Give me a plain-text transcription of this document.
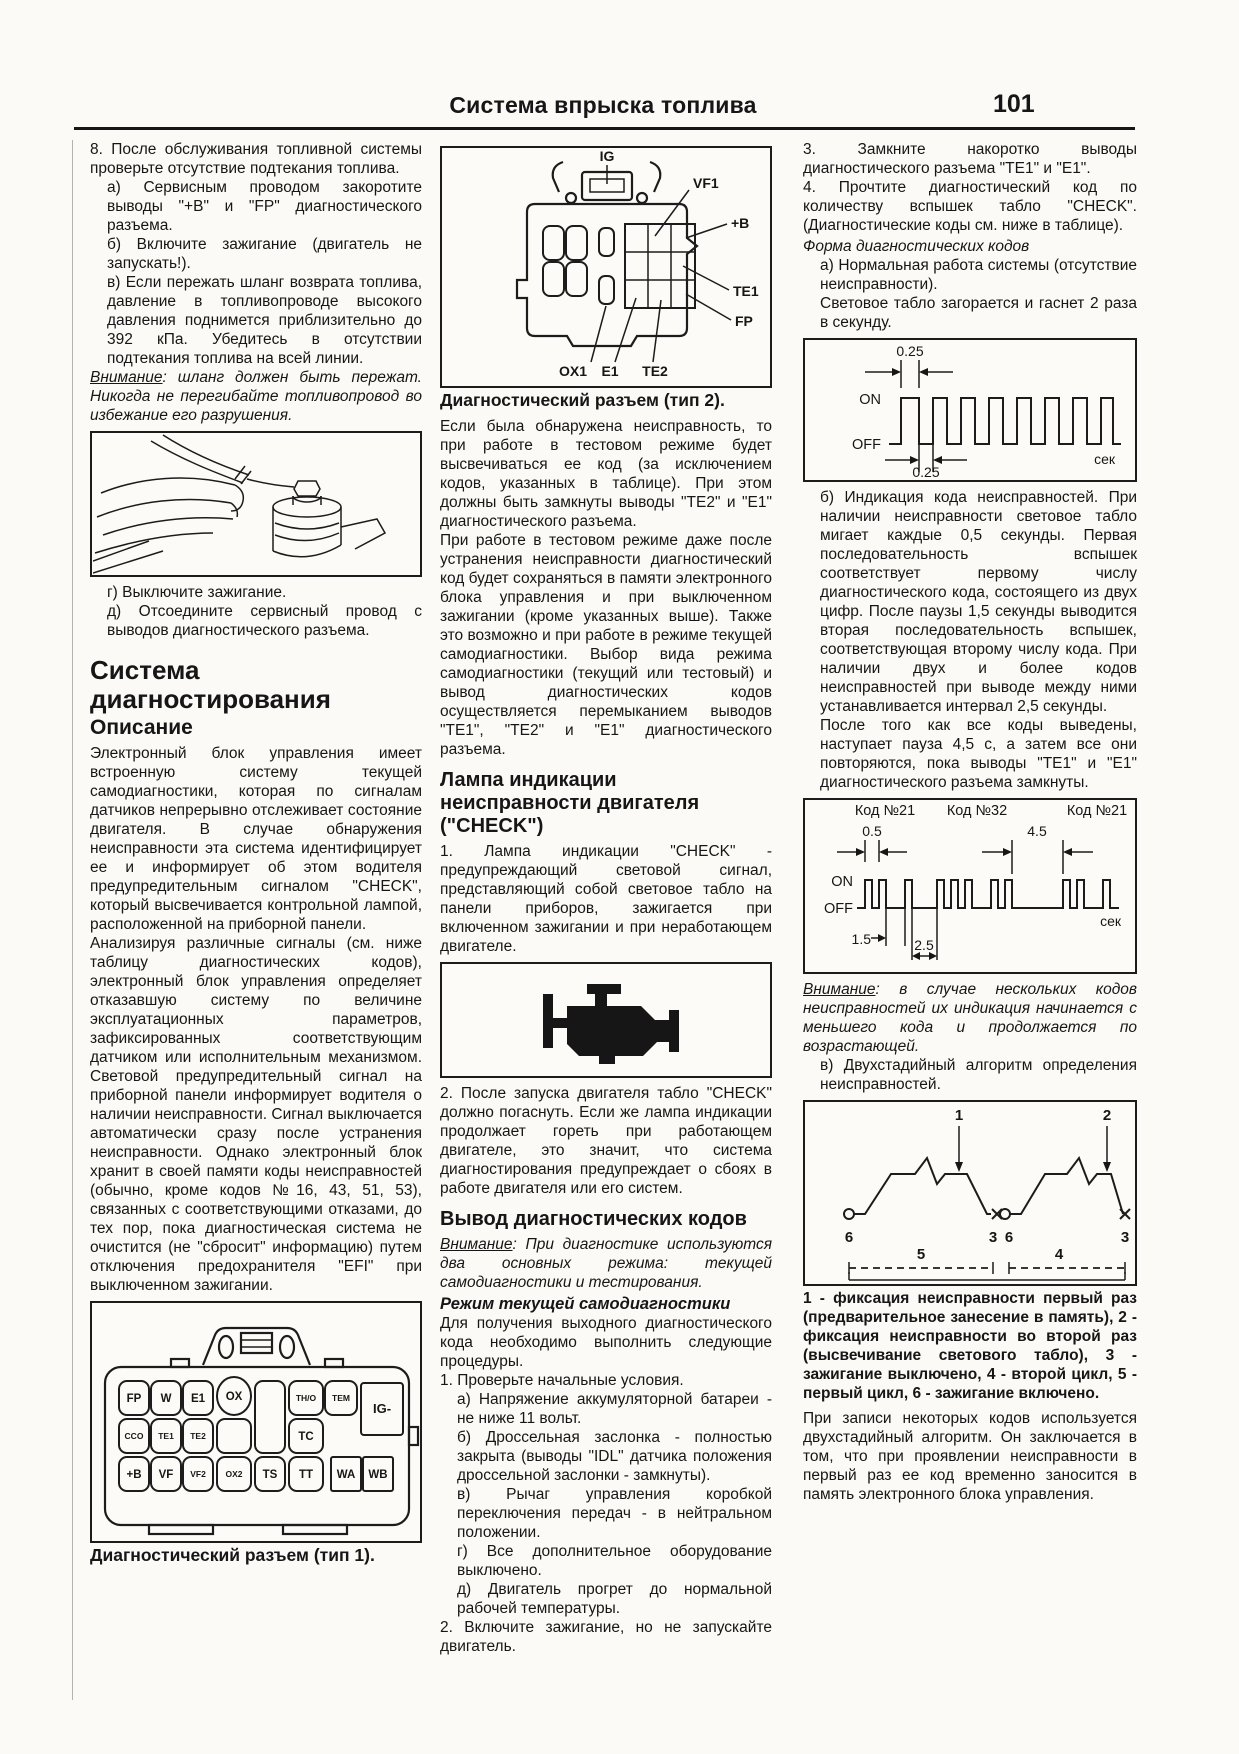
Система впрыска топлива	101

8. После обслуживания топливной системы проверьте отсутствие подтекания топлива.

а) Сервисным проводом закоротите выводы "+B" и "FP" диагностического разъема.

б) Включите зажигание (двигатель не запускать!).

в) Если пережать шланг возврата топлива, давление в топливопроводе высокого давления поднимется приблизительно до 392 кПа. Убедитесь в отсутствии подтекания топлива на всей линии.

Внимание: шланг должен быть пережат. Никогда не перегибайте топливопровод во избежание его разрушения.

г) Выключите зажигание.

д) Отсоедините сервисный провод с выводов диагностического разъема.

Система диагностирования
Описание

Электронный блок управления имеет встроенную систему текущей самодиагностики, которая по сигналам датчиков непрерывно отслеживает состояние двигателя. В случае обнаружения неисправности эта система идентифицирует ее и информирует об этом водителя предупредительным сигналом "CHECK", который высвечивается контрольной лампой, расположенной на приборной панели.

Анализируя различные сигналы (см. ниже таблицу диагностических кодов), электронный блок управления определяет отказавшую систему по величине эксплуатационных параметров, зафиксированных соответствующим датчиком или исполнительным механизмом. Световой предупредительный сигнал на приборной панели информирует водителя о наличии неисправности. Сигнал выключается автоматически сразу после устранения неисправности. Однако электронный блок хранит в своей памяти коды неисправностей (обычно, кроме кодов №16, 43, 51, 53), связанных с соответствующими отказами, до тех пор, пока диагностическая система не очистится (не "сбросит" информацию) путем отключения предохранителя "EFI" при выключенном зажигании.

FP W E1 OX	TH/O TEM
IG-
CCO TE1 TE2	TC
+B VF VF2 OX2 TS TT WA WB
Диагностический разъем (тип 1).
IG
VF1
+B
TE1
FP
OX1 E1 TE2
Диагностический разъем (тип 2).

Если была обнаружена неисправность, то при работе в тестовом режиме будет высвечиваться ее код (за исключением кодов, указанных в таблице). При этом должны быть замкнуты выводы "TE2" и "E1" диагностического разъема.

При работе в тестовом режиме даже после устранения неисправности диагностический код будет сохраняться в памяти электронного блока управления и при выключенном зажигании (кроме указанных выше). Также это возможно и при работе в режиме текущей самодиагностики. Выбор вида режима самодиагностики (текущий или тестовый) и вывод диагностических кодов осуществляется перемыканием выводов "TE1", "TE2" и "E1" диагностического разъема.

Лампа индикации неисправности двигателя ("CHECK")

1. Лампа индикации "CHECK" - предупреждающий световой сигнал, представляющий собой световое табло на панели приборов, зажигается при включенном зажигании и при неработающем двигателе.

2. После запуска двигателя табло "CHECK" должно погаснуть. Если же лампа индикации продолжает гореть при работающем двигателе, это значит, что система диагностирования предупреждает о сбоях в работе двигателя или его систем.

Вывод диагностических кодов

Внимание: При диагностике используются два основных режима: текущей самодиагностики и тестирования.

Режим текущей самодиагностики

Для получения выходного диагностического кода необходимо выполнить следующие процедуры.

1. Проверьте начальные условия.

а) Напряжение аккумуляторной батареи - не ниже 11 вольт.

б) Дроссельная заслонка - полностью закрыта (выводы "IDL" датчика положения дроссельной заслонки - замкнуты).

в) Рычаг управления коробкой переключения передач - в нейтральном положении.

г) Все дополнительное оборудование выключено.

д) Двигатель прогрет до нормальной рабочей температуры.

2. Включите зажигание, но не запускайте двигатель.

3. Замкните накоротко выводы диагностического разъема "TE1" и "E1".

4. Прочтите диагностический код по количеству вспышек табло "CHECK". (Диагностические коды см. ниже в таблице).

Форма диагностических кодов

а) Нормальная работа системы (отсутствие неисправности).

Световое табло загорается и гаснет 2 раза в секунду.

0.25
ON
OFF
0.25
сек

б) Индикация кода неисправностей. При наличии неисправности световое табло мигает каждые 0,5 секунды. Первая последовательность вспышек соответствует первому числу диагностического кода, состоящего из двух цифр. После паузы 1,5 секунды выводится вторая последовательность вспышек, соответствующая второму числу кода. При наличии двух и более кодов неисправностей при выводе между ними устанавливается интервал 2,5 секунды.

После того как все коды выведены, наступает пауза 4,5 с, а затем все они повторяются, пока выводы "TE1" и "E1" диагностического разъема замкнуты.

Код №21 Код №32	Код №21
0.5	4.5
ON
OFF
1.5	2.5
сек

Внимание: в случае нескольких кодов неисправностей их индикация начинается с меньшего кода и продолжается по возрастающей.

в) Двухстадийный алгоритм определения неисправностей.

1	2
6	3 6	3
5	4

1 - фиксация неисправности первый раз (предварительное занесение в память), 2 - фиксация неисправности во второй раз (высвечивание светового табло), 3 - зажигание выключено, 4 - второй цикл, 5 - первый цикл, 6 - зажигание включено.

При записи некоторых кодов используется двухстадийный алгоритм. Он заключается в том, что при проявлении неисправности в первый раз ее код временно заносится в память электронного блока управления.
